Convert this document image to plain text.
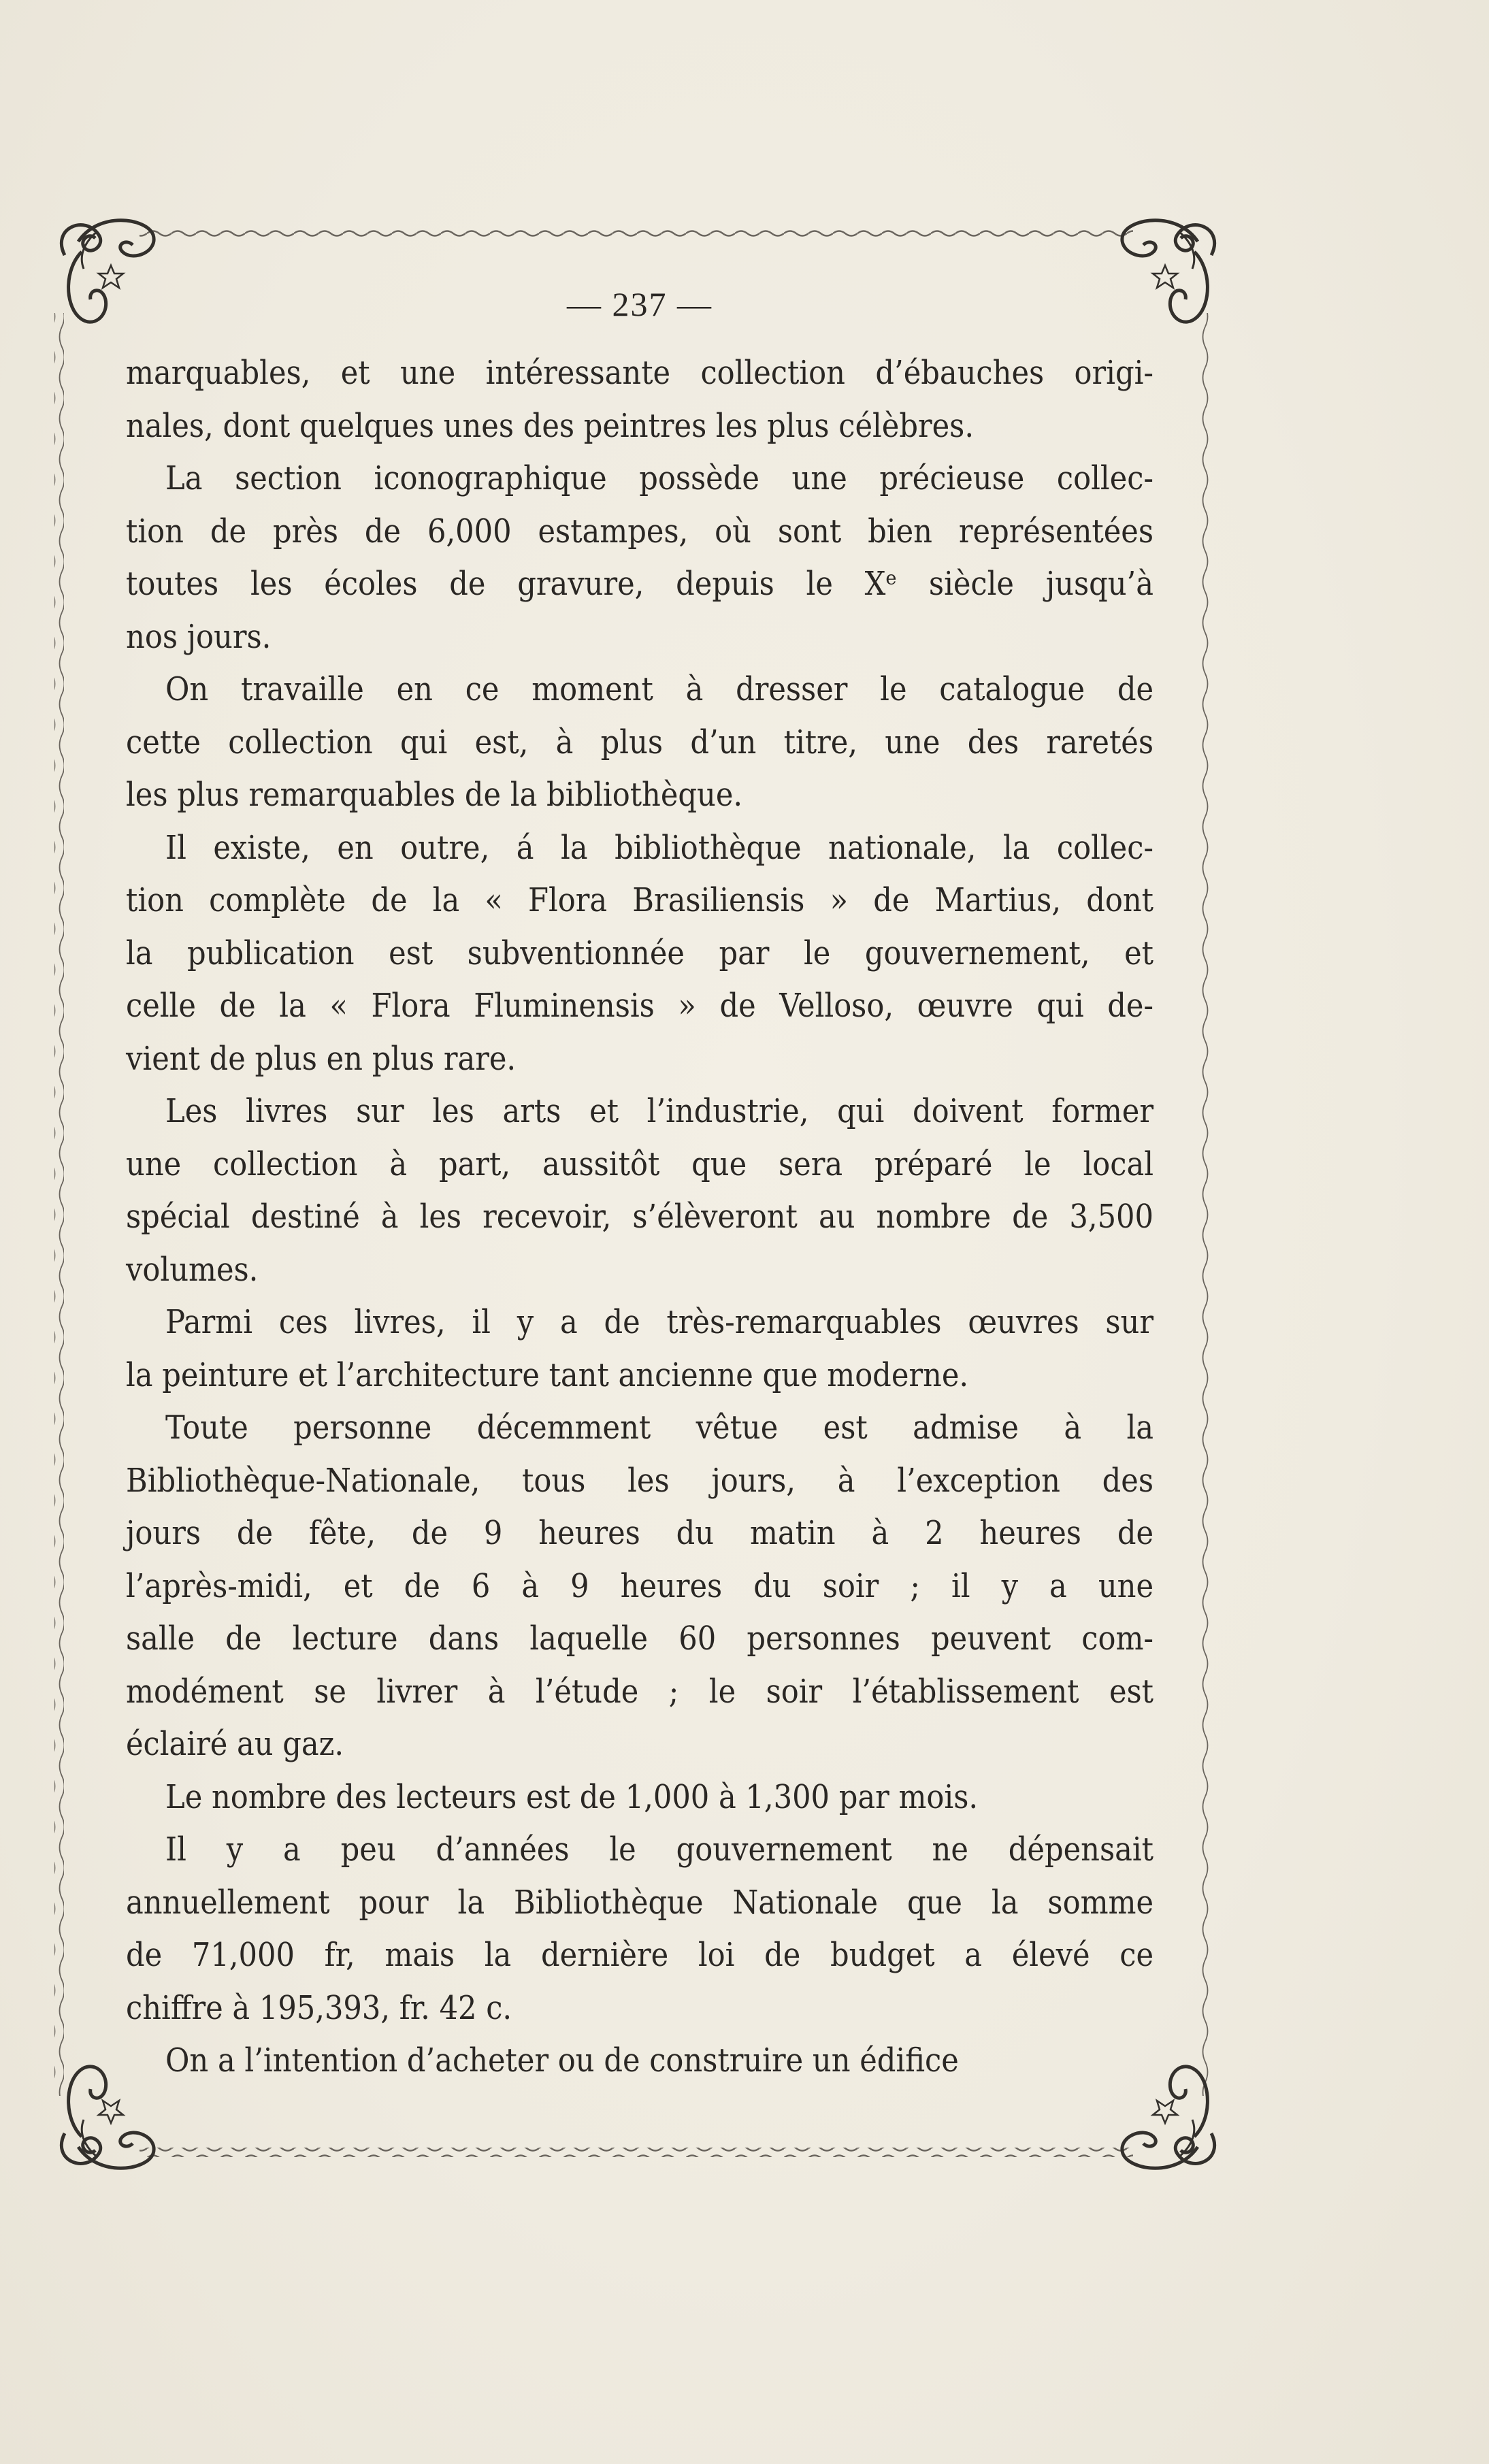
— 237 —
marquables, et une intéressante collection d’ébauches origi-
nales, dont quelques unes des peintres les plus célèbres.
La section iconographique possède une précieuse collec-
tion de près de 6,000 estampes, où sont bien représentées
toutes les écoles de gravure, depuis le Xᵉ siècle jusqu’à
nos jours.
On travaille en ce moment à dresser le catalogue de
cette collection qui est, à plus d’un titre, une des raretés
les plus remarquables de la bibliothèque.
Il existe, en outre, á la bibliothèque nationale, la collec-
tion complète de la « Flora Brasiliensis » de Martius, dont
la publication est subventionnée par le gouvernement, et
celle de la « Flora Fluminensis » de Velloso, œuvre qui de-
vient de plus en plus rare.
Les livres sur les arts et l’industrie, qui doivent former
une collection à part, aussitôt que sera préparé le local
spécial destiné à les recevoir, s’élèveront au nombre de 3,500
volumes.
Parmi ces livres, il y a de très-remarquables œuvres sur
la peinture et l’architecture tant ancienne que moderne.
Toute personne décemment vêtue est admise à la
Bibliothèque-Nationale, tous les jours, à l’exception des
jours de fête, de 9 heures du matin à 2 heures de
l’après-midi, et de 6 à 9 heures du soir ; il y a une
salle de lecture dans laquelle 60 personnes peuvent com-
modément se livrer à l’étude ; le soir l’établissement est
éclairé au gaz.
Le nombre des lecteurs est de 1,000 à 1,300 par mois.
Il y a peu d’années le gouvernement ne dépensait
annuellement pour la Bibliothèque Nationale que la somme
de 71,000 fr, mais la dernière loi de budget a élevé ce
chiffre à 195,393, fr. 42 c.
On a l’intention d’acheter ou de construire un édifice
